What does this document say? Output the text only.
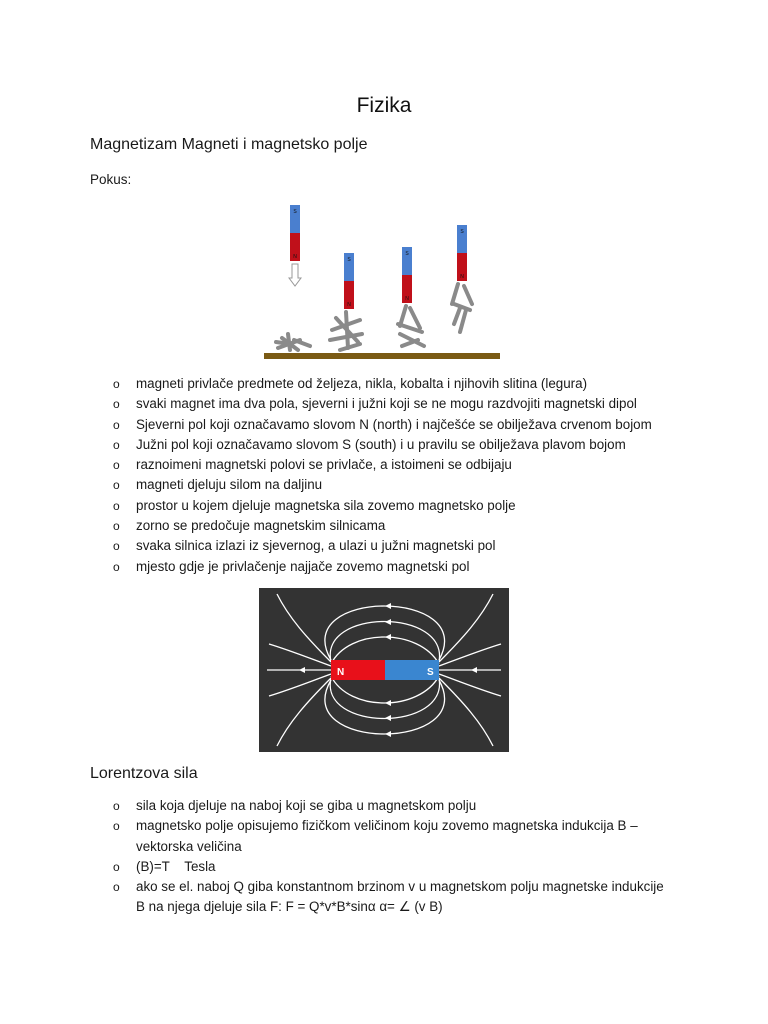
Fizika
Magnetizam Magneti i magnetsko polje
Pokus:
S
N	S
N
S
N
S
N
o magneti privlače predmete od željeza, nikla, kobalta i njihovih slitina (legura)
o svaki magnet ima dva pola, sjeverni i južni koji se ne mogu razdvojiti magnetski dipol
o Sjeverni pol koji označavamo slovom N (north) i najčešće se obilježava crvenom bojom
o Južni pol koji označavamo slovom S (south) i u pravilu se obilježava plavom bojom
o raznoimeni magnetski polovi se privlače, a istoimeni se odbijaju
o magneti djeluju silom na daljinu
o prostor u kojem djeluje magnetska sila zovemo magnetsko polje
o zorno se predočuje magnetskim silnicama
o svaka silnica izlazi iz sjevernog, a ulazi u južni magnetski pol
o mjesto gdje je privlačenje najjače zovemo magnetski pol
N	S
Lorentzova sila
o sila koja djeluje na naboj koji se giba u magnetskom polju
o magnetsko polje opisujemo fizičkom veličinom koju zovemo magnetska indukcija B – vektorska veličina
o (B)=T    Tesla
o ako se el. naboj Q giba konstantnom brzinom v u magnetskom polju magnetske indukcije B na njega djeluje sila F: F = Q*v*B*sinα α= ∠ (v B)
